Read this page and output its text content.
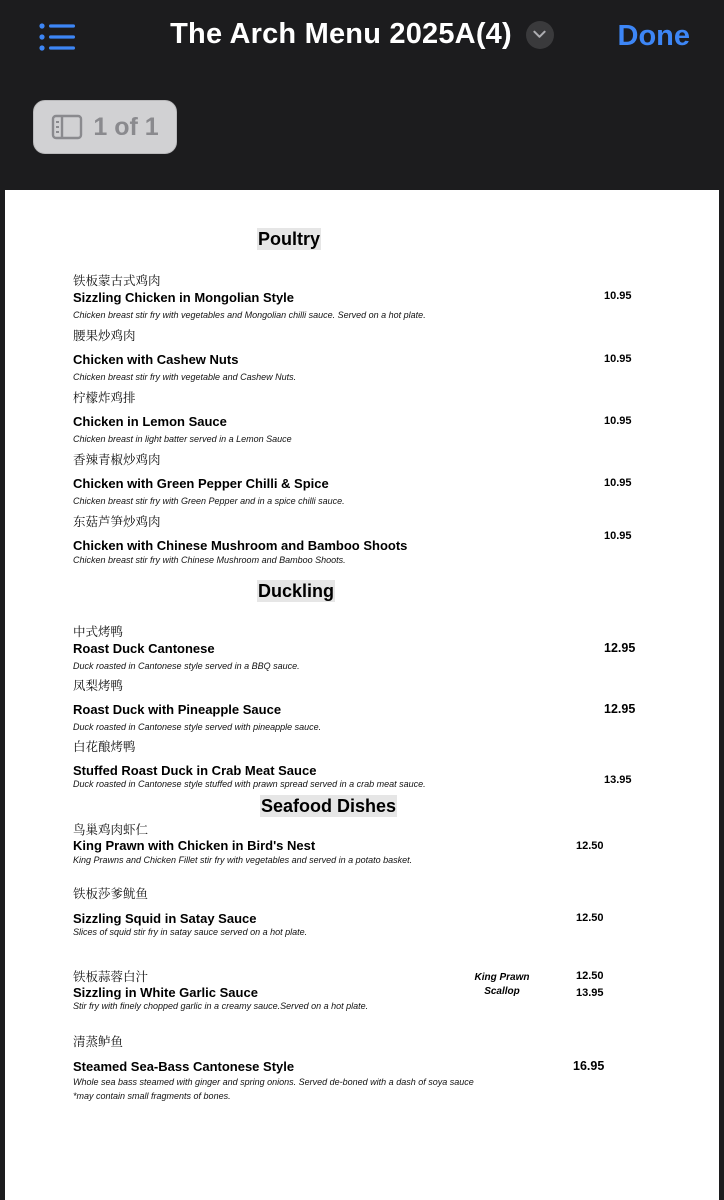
The Arch Menu 2025A(4)	Done
1 of 1
Poultry
铁板蒙古式鸡肉
Sizzling Chicken in Mongolian Style
Chicken breast stir fry with vegetables and Mongolian chilli sauce. Served on a hot plate.
10.95
腰果炒鸡肉
Chicken with Cashew Nuts
Chicken breast stir fry with vegetable and Cashew Nuts.
10.95
柠檬炸鸡排
Chicken in Lemon Sauce
Chicken breast in light batter served in a Lemon Sauce
10.95
香辣青椒炒鸡肉
Chicken with Green Pepper Chilli & Spice
Chicken breast stir fry with Green Pepper and in a spice chilli sauce.
10.95
东菇芦笋炒鸡肉
Chicken with Chinese Mushroom and Bamboo Shoots
Chicken breast stir fry with Chinese Mushroom and Bamboo Shoots.
10.95
Duckling
中式烤鸭
Roast Duck Cantonese
Duck roasted in Cantonese style served in a BBQ sauce.
12.95
凤梨烤鸭
Roast Duck with Pineapple Sauce
Duck roasted in Cantonese style served with pineapple sauce.
12.95
白花酿烤鸭
Stuffed Roast Duck in Crab Meat Sauce
Duck roasted in Cantonese style stuffed with prawn spread served in a crab meat sauce.	13.95
Seafood Dishes
鸟巢鸡肉虾仁
King Prawn with Chicken in Bird's Nest
King Prawns and Chicken Fillet stir fry with vegetables and served in a potato basket.
12.50
铁板莎爹鱿鱼
Sizzling Squid in Satay Sauce
Slices of squid stir fry in satay sauce served on a hot plate.
12.50
铁板蒜蓉白汁
Sizzling in White Garlic Sauce
Stir fry with finely chopped garlic in a creamy sauce.Served on a hot plate.
King Prawn
Scallop
12.50
13.95
清蒸鲈鱼
Steamed Sea-Bass Cantonese Style
Whole sea bass steamed with ginger and spring onions. Served de-boned with a dash of soya sauce
*may contain small fragments of bones.
16.95
